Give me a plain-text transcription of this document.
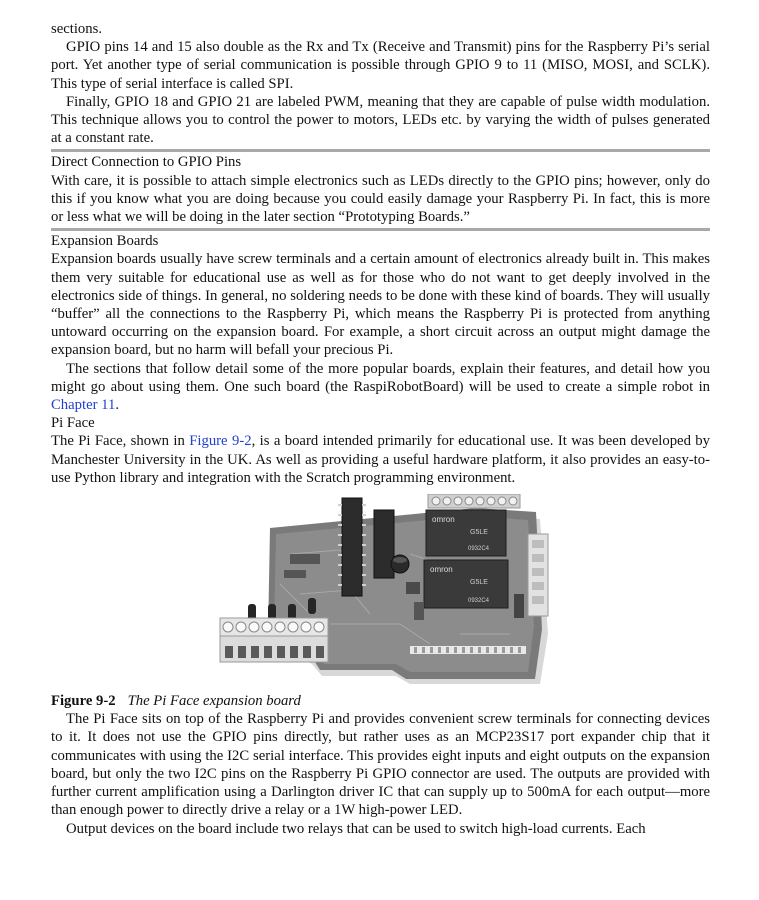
sections.

GPIO pins 14 and 15 also double as the Rx and Tx (Receive and Transmit) pins for the Raspberry Pi’s serial port. Yet another type of serial communication is possible through GPIO 9 to 11 (MISO, MOSI, and SCLK). This type of serial interface is called SPI.

Finally, GPIO 18 and GPIO 21 are labeled PWM, meaning that they are capable of pulse width modulation. This technique allows you to control the power to motors, LEDs etc. by varying the width of pulses generated at a constant rate.

Direct Connection to GPIO Pins

With care, it is possible to attach simple electronics such as LEDs directly to the GPIO pins; however, only do this if you know what you are doing because you could easily damage your Raspberry Pi. In fact, this is more or less what we will be doing in the later section “Prototyping Boards.”

Expansion Boards

Expansion boards usually have screw terminals and a certain amount of electronics already built in. This makes them very suitable for educational use as well as for those who do not want to get deeply involved in the electronics side of things. In general, no soldering needs to be done with these kind of boards. They will usually “buffer” all the connections to the Raspberry Pi, which means the Raspberry Pi is protected from anything untoward occurring on the expansion board. For example, a short circuit across an output might damage the expansion board, but no harm will befall your precious Pi.

The sections that follow detail some of the more popular boards, explain their features, and detail how you might go about using them. One such board (the RaspiRobotBoard) will be used to create a simple robot in Chapter 11.

Pi Face

The Pi Face, shown in Figure 9-2, is a board intended primarily for educational use. It was been developed by Manchester University in the UK. As well as providing a useful hardware platform, it also provides an easy-to-use Python library and integration with the Scratch programming environment.

omron
G5LE
0932C4
omron
G5LE
0932C4

Figure 9-2 The Pi Face expansion board

The Pi Face sits on top of the Raspberry Pi and provides convenient screw terminals for connecting devices to it. It does not use the GPIO pins directly, but rather uses as an MCP23S17 port expander chip that it communicates with using the I2C serial interface. This provides eight inputs and eight outputs on the expansion board, but only the two I2C pins on the Raspberry Pi GPIO connector are used. The outputs are provided with further current amplification using a Darlington driver IC that can supply up to 500mA for each output—more than enough power to directly drive a relay or a 1W high-power LED.

Output devices on the board include two relays that can be used to switch high-load currents. Each
